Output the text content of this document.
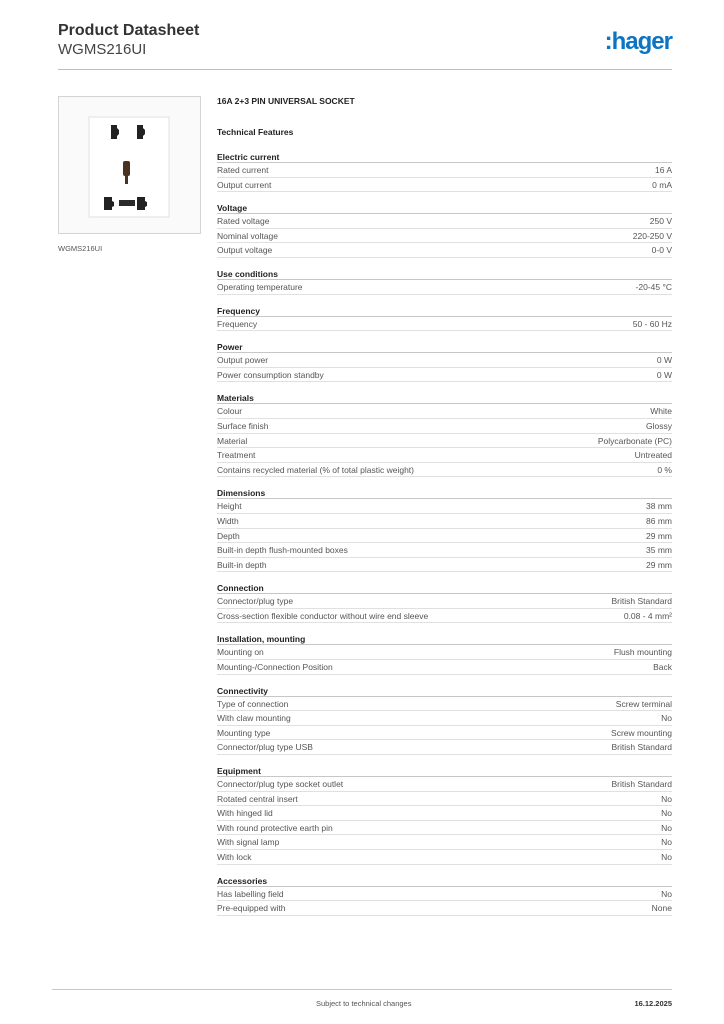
Product Datasheet
WGMS216UI	:hager
WGMS216UI
16A 2+3 PIN UNIVERSAL SOCKET
Technical Features
Electric current
Rated current	16 A
Output current	0 mA
Voltage
Rated voltage	250 V
Nominal voltage	220-250 V
Output voltage	0-0 V
Use conditions
Operating temperature	-20-45 °C
Frequency
Frequency	50 - 60 Hz
Power
Output power	0 W
Power consumption standby	0 W
Materials
Colour	White
Surface finish	Glossy
Material	Polycarbonate (PC)
Treatment	Untreated
Contains recycled material (% of total plastic weight)	0 %
Dimensions
Height	38 mm
Width	86 mm
Depth	29 mm
Built-in depth flush-mounted boxes	35 mm
Built-in depth	29 mm
Connection
Connector/plug type	British Standard
Cross-section flexible conductor without wire end sleeve	0.08 - 4 mm²
Installation, mounting
Mounting on	Flush mounting
Mounting-/Connection Position	Back
Connectivity
Type of connection	Screw terminal
With claw mounting	No
Mounting type	Screw mounting
Connector/plug type USB	British Standard
Equipment
Connector/plug type socket outlet	British Standard
Rotated central insert	No
With hinged lid	No
With round protective earth pin	No
With signal lamp	No
With lock	No
Accessories
Has labelling field	No
Pre-equipped with	None
Subject to technical changes	16.12.2025
